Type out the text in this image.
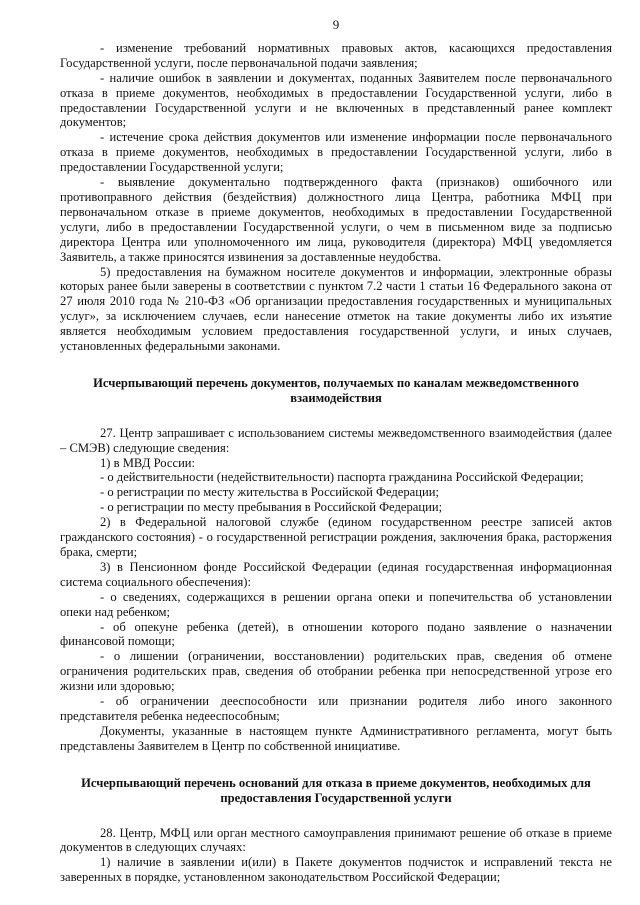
9

- изменение требований нормативных правовых актов, касающихся предоставления Государственной услуги, после первоначальной подачи заявления;

- наличие ошибок в заявлении и документах, поданных Заявителем после первоначального отказа в приеме документов, необходимых в предоставлении Государственной услуги, либо в предоставлении Государственной услуги и не включенных в представленный ранее комплект документов;

- истечение срока действия документов или изменение информации после первоначального отказа в приеме документов, необходимых в предоставлении Государственной услуги, либо в предоставлении Государственной услуги;

- выявление документально подтвержденного факта (признаков) ошибочного или противоправного действия (бездействия) должностного лица Центра, работника МФЦ при первоначальном отказе в приеме документов, необходимых в предоставлении Государственной услуги, либо в предоставлении Государственной услуги, о чем в письменном виде за подписью директора Центра или уполномоченного им лица, руководителя (директора) МФЦ уведомляется Заявитель, а также приносятся извинения за доставленные неудобства.

5) предоставления на бумажном носителе документов и информации, электронные образы которых ранее были заверены в соответствии с пунктом 7.2 части 1 статьи 16 Федерального закона от 27 июля 2010 года № 210-ФЗ «Об организации предоставления государственных и муниципальных услуг», за исключением случаев, если нанесение отметок на такие документы либо их изъятие является необходимым условием предоставления государственной услуги, и иных случаев, установленных федеральными законами.

Исчерпывающий перечень документов, получаемых по каналам межведомственного взаимодействия

27. Центр запрашивает с использованием системы межведомственного взаимодействия (далее – СМЭВ) следующие сведения:

1) в МВД России:

- о действительности (недействительности) паспорта гражданина Российской Федерации;

- о регистрации по месту жительства в Российской Федерации;

- о регистрации по месту пребывания в Российской Федерации;

2) в Федеральной налоговой службе (едином государственном реестре записей актов гражданского состояния) - о государственной регистрации рождения, заключения брака, расторжения брака, смерти;

3) в Пенсионном фонде Российской Федерации (единая государственная информационная система социального обеспечения):

- о сведениях, содержащихся в решении органа опеки и попечительства об установлении опеки над ребенком;

- об опекуне ребенка (детей), в отношении которого подано заявление о назначении финансовой помощи;

- о лишении (ограничении, восстановлении) родительских прав, сведения об отмене ограничения родительских прав, сведения об отобрании ребенка при непосредственной угрозе его жизни или здоровью;

- об ограничении дееспособности или признании родителя либо иного законного представителя ребенка недееспособным;

Документы, указанные в настоящем пункте Административного регламента, могут быть представлены Заявителем в Центр по собственной инициативе.

Исчерпывающий перечень оснований для отказа в приеме документов, необходимых для предоставления Государственной услуги

28. Центр, МФЦ или орган местного самоуправления принимают решение об отказе в приеме документов в следующих случаях:

1) наличие в заявлении и(или) в Пакете документов подчисток и исправлений текста не заверенных в порядке, установленном законодательством Российской Федерации;
